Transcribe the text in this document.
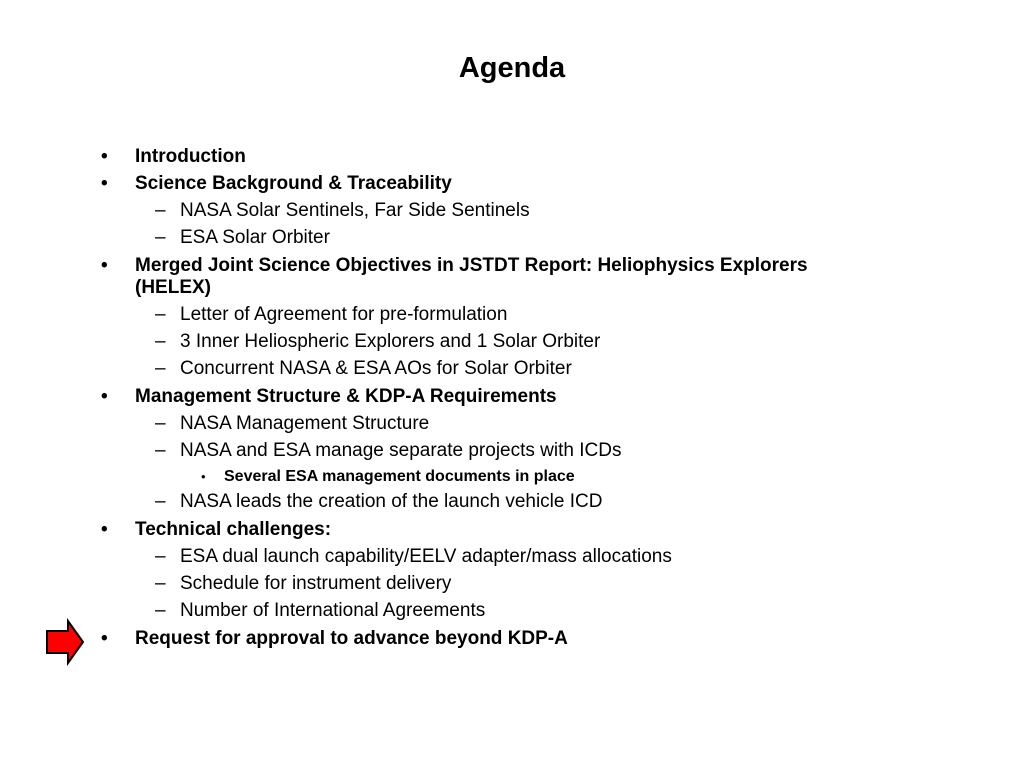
Agenda
• Introduction
• Science Background & Traceability
– NASA Solar Sentinels, Far Side Sentinels
– ESA Solar Orbiter
• Merged Joint Science Objectives in JSTDT Report: Heliophysics Explorers (HELEX)
– Letter of Agreement for pre-formulation
– 3 Inner Heliospheric Explorers and 1 Solar Orbiter
– Concurrent NASA & ESA AOs for Solar Orbiter
• Management Structure & KDP-A Requirements
– NASA Management Structure
– NASA and ESA manage separate projects with ICDs
• Several ESA management documents in place
– NASA leads the creation of the launch vehicle ICD
• Technical challenges:
– ESA dual launch capability/EELV adapter/mass allocations
– Schedule for instrument delivery
– Number of International Agreements
• Request for approval to advance beyond KDP-A
